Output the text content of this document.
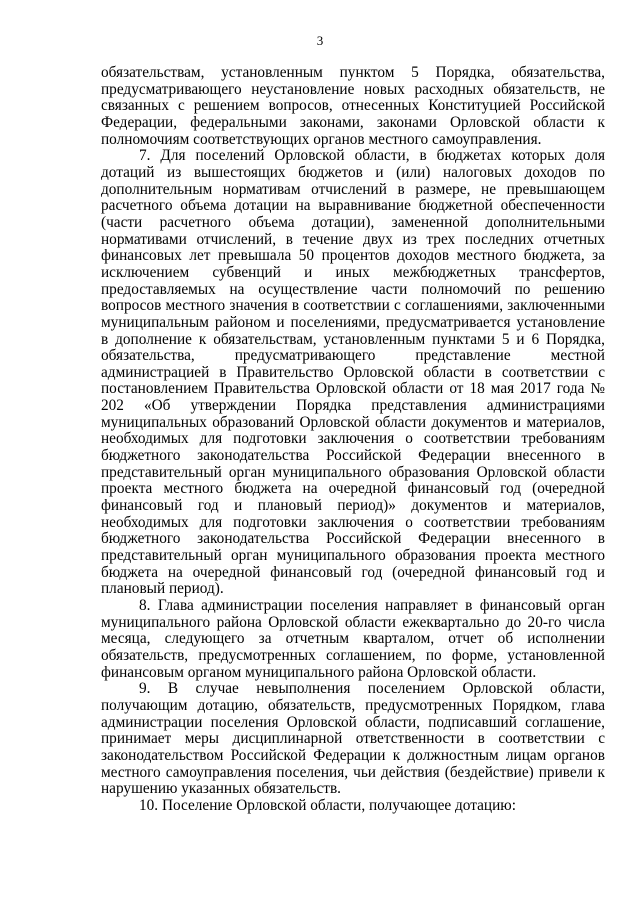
3

обязательствам, установленным пунктом 5 Порядка, обязательства, предусматривающего неустановление новых расходных обязательств, не связанных с решением вопросов, отнесенных Конституцией Российской Федерации, федеральными законами, законами Орловской области к полномочиям соответствующих органов местного самоуправления.

7. Для поселений Орловской области, в бюджетах которых доля дотаций из вышестоящих бюджетов и (или) налоговых доходов по дополнительным нормативам отчислений в размере, не превышающем расчетного объема дотации на выравнивание бюджетной обеспеченности (части расчетного объема дотации), замененной дополнительными нормативами отчислений, в течение двух из трех последних отчетных финансовых лет превышала 50 процентов доходов местного бюджета, за исключением субвенций и иных межбюджетных трансфертов, предоставляемых на осуществление части полномочий по решению вопросов местного значения в соответствии с соглашениями, заключенными муниципальным районом и поселениями, предусматривается установление в дополнение к обязательствам, установленным пунктами 5 и 6 Порядка, обязательства, предусматривающего представление местной администрацией в Правительство Орловской области в соответствии с постановлением Правительства Орловской области от 18 мая 2017 года № 202 «Об утверждении Порядка представления администрациями муниципальных образований Орловской области документов и материалов, необходимых для подготовки заключения о соответствии требованиям бюджетного законодательства Российской Федерации внесенного в представительный орган муниципального образования Орловской области проекта местного бюджета на очередной финансовый год (очередной финансовый год и плановый период)» документов и материалов, необходимых для подготовки заключения о соответствии требованиям бюджетного законодательства Российской Федерации внесенного в представительный орган муниципального образования проекта местного бюджета на очередной финансовый год (очередной финансовый год и плановый период).

8. Глава администрации поселения направляет в финансовый орган муниципального района Орловской области ежеквартально до 20-го числа месяца, следующего за отчетным кварталом, отчет об исполнении обязательств, предусмотренных соглашением, по форме, установленной финансовым органом муниципального района Орловской области.

9. В случае невыполнения поселением Орловской области, получающим дотацию, обязательств, предусмотренных Порядком, глава администрации поселения Орловской области, подписавший соглашение, принимает меры дисциплинарной ответственности в соответствии с законодательством Российской Федерации к должностным лицам органов местного самоуправления поселения, чьи действия (бездействие) привели к нарушению указанных обязательств.

10. Поселение Орловской области, получающее дотацию:
